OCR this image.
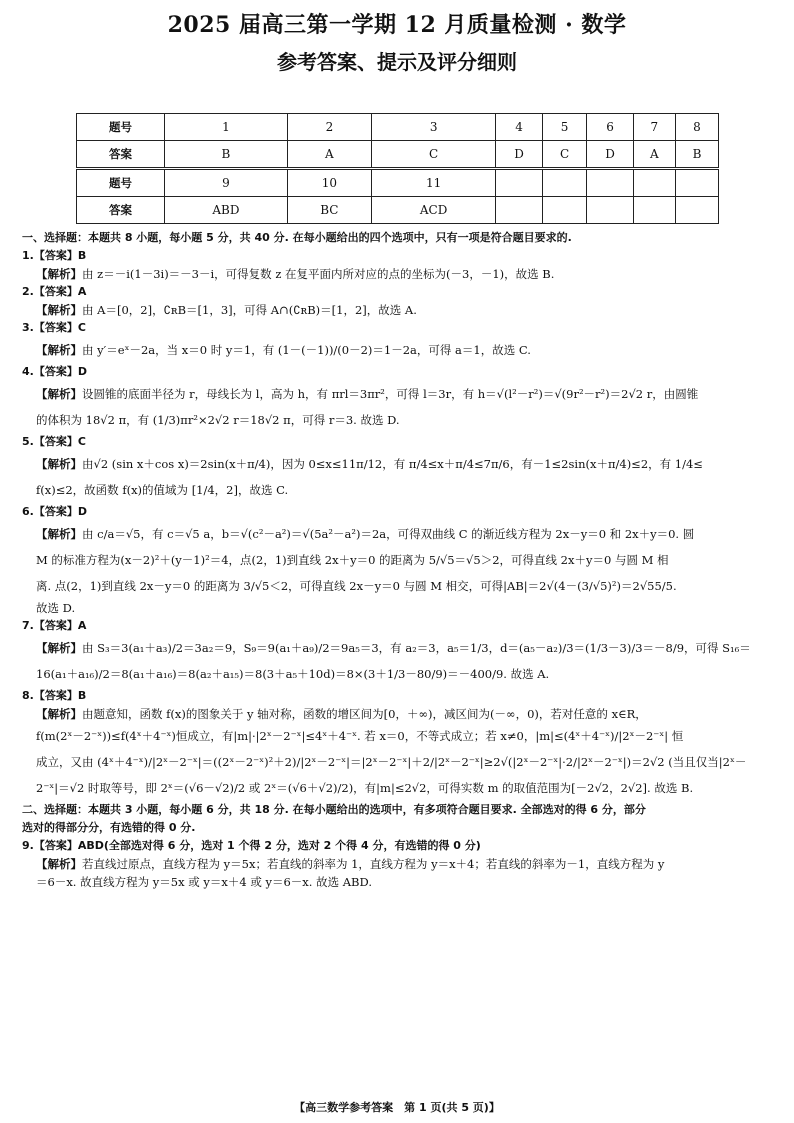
2025 届高三第一学期 12 月质量检测 · 数学
参考答案、提示及评分细则
题号	1	2	3	4	5	6	7	8
答案	B	A	C	D	C	D	A	B
题号	9	10	11					
答案	ABD	BC	ACD					

一、选择题：本题共 8 小题，每小题 5 分，共 40 分. 在每小题给出的四个选项中，只有一项是符合题目要求的.

1.【答案】B

【解析】由 z＝－i(1－3i)＝－3－i，可得复数 z 在复平面内所对应的点的坐标为(－3，－1)，故选 B.

2.【答案】A

【解析】由 A＝[0，2]，∁ʀB＝[1，3]，可得 A∩(∁ʀB)＝[1，2]，故选 A.

3.【答案】C

【解析】由 y′＝eˣ－2a，当 x＝0 时 y＝1，有 (1－(－1))/(0－2)＝1－2a，可得 a＝1，故选 C.

4.【答案】D

【解析】设圆锥的底面半径为 r，母线长为 l，高为 h，有 πrl＝3πr²，可得 l＝3r，有 h＝√(l²－r²)＝√(9r²－r²)＝2√2 r，由圆锥

的体积为 18√2 π，有 (1/3)πr²×2√2 r＝18√2 π，可得 r＝3. 故选 D.

5.【答案】C

【解析】由√2 (sin x＋cos x)＝2sin(x＋π/4)，因为 0≤x≤11π/12，有 π/4≤x＋π/4≤7π/6，有－1≤2sin(x＋π/4)≤2，有 1/4≤

f(x)≤2，故函数 f(x)的值域为 [1/4，2]，故选 C.

6.【答案】D

【解析】由 c/a＝√5，有 c＝√5 a，b＝√(c²－a²)＝√(5a²－a²)＝2a，可得双曲线 C 的渐近线方程为 2x－y＝0 和 2x＋y＝0. 圆

M 的标准方程为(x－2)²＋(y－1)²＝4，点(2，1)到直线 2x＋y＝0 的距离为 5/√5＝√5＞2，可得直线 2x＋y＝0 与圆 M 相

离. 点(2，1)到直线 2x－y＝0 的距离为 3/√5＜2，可得直线 2x－y＝0 与圆 M 相交，可得|AB|＝2√(4－(3/√5)²)＝2√55/5.

故选 D.

7.【答案】A

【解析】由 S₃＝3(a₁＋a₃)/2＝3a₂＝9，S₉＝9(a₁＋a₉)/2＝9a₅＝3，有 a₂＝3，a₅＝1/3，d＝(a₅－a₂)/3＝(1/3－3)/3＝－8/9，可得 S₁₆＝

16(a₁＋a₁₆)/2＝8(a₁＋a₁₆)＝8(a₂＋a₁₅)＝8(3＋a₅＋10d)＝8×(3＋1/3－80/9)＝－400/9. 故选 A.

8.【答案】B

【解析】由题意知，函数 f(x)的图象关于 y 轴对称，函数的增区间为[0，＋∞)，减区间为(－∞，0)，若对任意的 x∈R，

f(m(2ˣ－2⁻ˣ))≤f(4ˣ＋4⁻ˣ)恒成立，有|m|·|2ˣ－2⁻ˣ|≤4ˣ＋4⁻ˣ. 若 x＝0，不等式成立；若 x≠0，|m|≤(4ˣ＋4⁻ˣ)/|2ˣ－2⁻ˣ| 恒

成立，又由 (4ˣ＋4⁻ˣ)/|2ˣ－2⁻ˣ|＝((2ˣ－2⁻ˣ)²＋2)/|2ˣ－2⁻ˣ|＝|2ˣ－2⁻ˣ|＋2/|2ˣ－2⁻ˣ|≥2√(|2ˣ－2⁻ˣ|·2/|2ˣ－2⁻ˣ|)＝2√2 (当且仅当|2ˣ－

2⁻ˣ|＝√2 时取等号，即 2ˣ＝(√6－√2)/2 或 2ˣ＝(√6＋√2)/2)，有|m|≤2√2，可得实数 m 的取值范围为[－2√2，2√2]. 故选 B.

二、选择题：本题共 3 小题，每小题 6 分，共 18 分. 在每小题给出的选项中，有多项符合题目要求. 全部选对的得 6 分，部分

选对的得部分分，有选错的得 0 分.

9.【答案】ABD(全部选对得 6 分，选对 1 个得 2 分，选对 2 个得 4 分，有选错的得 0 分)

【解析】若直线过原点，直线方程为 y＝5x；若直线的斜率为 1，直线方程为 y＝x＋4；若直线的斜率为－1，直线方程为 y

＝6－x. 故直线方程为 y＝5x 或 y＝x＋4 或 y＝6－x. 故选 ABD.

【高三数学参考答案　第 1 页(共 5 页)】
